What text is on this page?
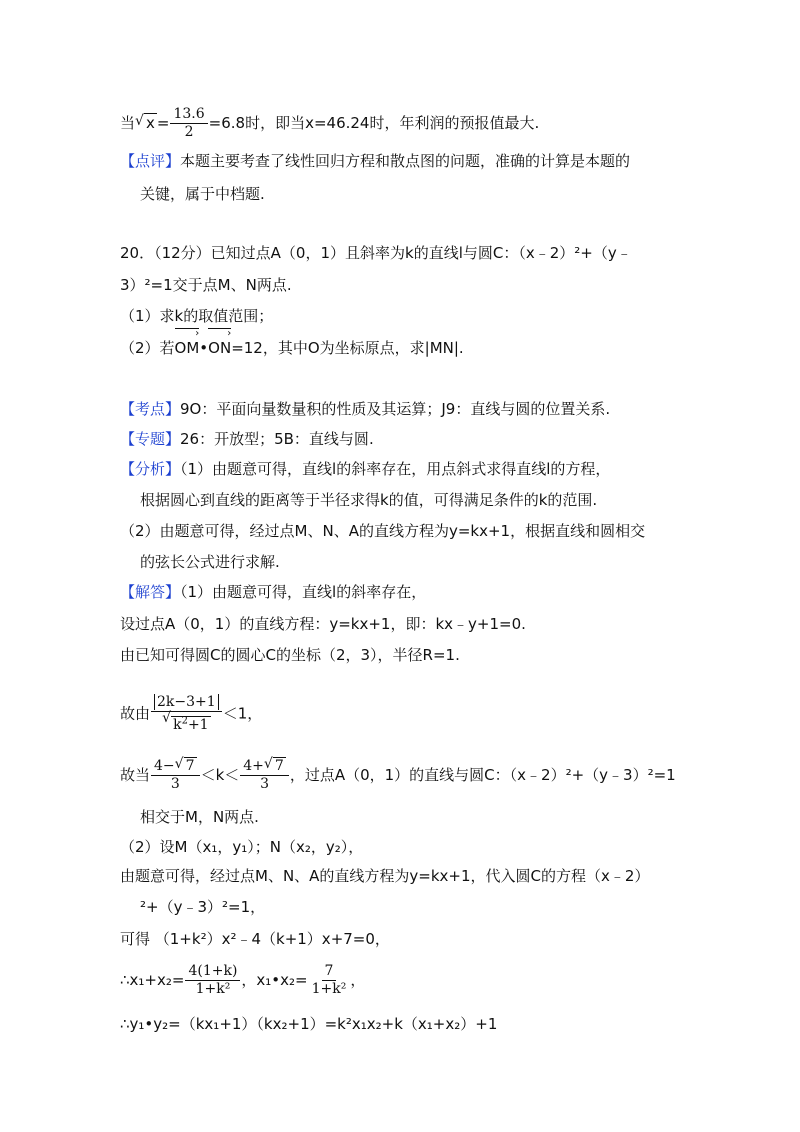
当 √ $x = \frac{13.6}{2} =6.8$时，即当x=46.24时，年利润的预报值最大.
【点评】本题主要考查了线性回归方程和散点图的问题，准确的计算是本题的
关键，属于中档题.
20．（12分）已知过点A（0，1）且斜率为k的直线l与圆C：（x﹣2）²+（y﹣
3）²=1交于点M、N两点.
（1）求k的取值范围；
（2）若
›
OM•
›
ON=12，其中O为坐标原点，求|MN|.
【考点】9O：平面向量数量积的性质及其运算；J9：直线与圆的位置关系.
【专题】26：开放型；5B：直线与圆.
【分析】（1）由题意可得，直线l的斜率存在，用点斜式求得直线l的方程，
根据圆心到直线的距离等于半径求得k的值，可得满足条件的k的范围.
（2）由题意可得，经过点M、N、A的直线方程为y=kx+1，根据直线和圆相交
的弦长公式进行求解.
【解答】（1）由题意可得，直线l的斜率存在，
设过点A（0，1）的直线方程：y=kx+1，即：kx﹣y+1=0.
由已知可得圆C的圆心C的坐标（2，3），半径R=1.
故由 $\frac{2k-3+1}{√ k^2+1} <1$，
故当 $\frac{4- √ 7}{3} <k< \frac{4+ √ 7}{3}$ ，过点A（0，1）的直线与圆C：（x﹣2）²+（y﹣3）²=1
相交于M，N两点.
（2）设M（x₁，y₁）；N（x₂，y₂），
由题意可得，经过点M、N、A的直线方程为y=kx+1，代入圆C的方程（x﹣2）
²+（y﹣3）²=1，
可得 （1+k²）x²﹣4（k+1）x+7=0，
∴x₁+x₂= $\frac{4(1+k)}{\text{1+k²}}$ ，x₁•x₂= $\frac{7}{\text{1+k²}}$ ，
∴y₁•y₂=（kx₁+1）（kx₂+1）=k²x₁x₂+k（x₁+x₂）+1
